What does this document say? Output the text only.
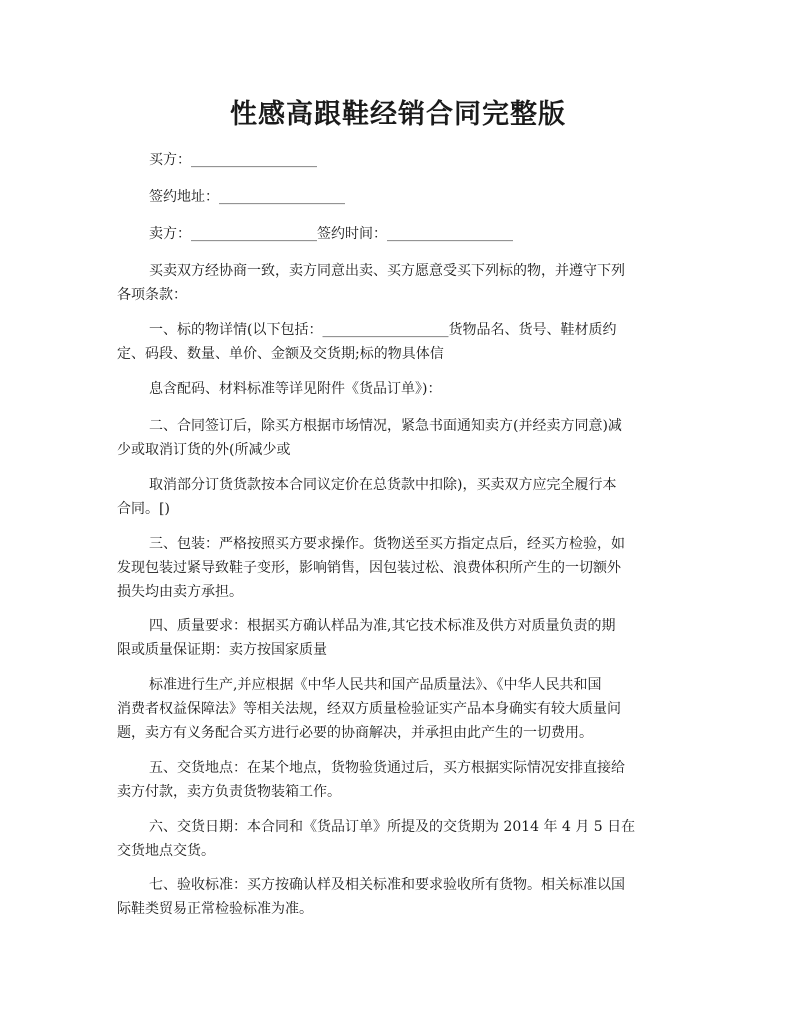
性感高跟鞋经销合同完整版

买方：__________________

签约地址：__________________

卖方：__________________签约时间：__________________

买卖双方经协商一致，卖方同意出卖、买方愿意受买下列标的物，并遵守下列
各项条款：

一、标的物详情(以下包括：__________________货物品名、货号、鞋材质约
定、码段、数量、单价、金额及交货期;标的物具体信

息含配码、材料标准等详见附件《货品订单》)：

二、合同签订后，除买方根据市场情况，紧急书面通知卖方(并经卖方同意)减
少或取消订货的外(所减少或

取消部分订货货款按本合同议定价在总货款中扣除)，买卖双方应完全履行本
合同。[)

三、包装：严格按照买方要求操作。货物送至买方指定点后，经买方检验，如
发现包装过紧导致鞋子变形，影响销售，因包装过松、浪费体积所产生的一切额外
损失均由卖方承担。

四、质量要求：根据买方确认样品为准,其它技术标准及供方对质量负责的期
限或质量保证期：卖方按国家质量

标准进行生产,并应根据《中华人民共和国产品质量法》、《中华人民共和国
消费者权益保障法》等相关法规，经双方质量检验证实产品本身确实有较大质量问
题，卖方有义务配合买方进行必要的协商解决，并承担由此产生的一切费用。

五、交货地点：在某个地点，货物验货通过后，买方根据实际情况安排直接给
卖方付款，卖方负责货物装箱工作。

六、交货日期：本合同和《货品订单》所提及的交货期为 2014 年 4 月 5 日在
交货地点交货。

七、验收标准：买方按确认样及相关标准和要求验收所有货物。相关标准以国
际鞋类贸易正常检验标准为准。
